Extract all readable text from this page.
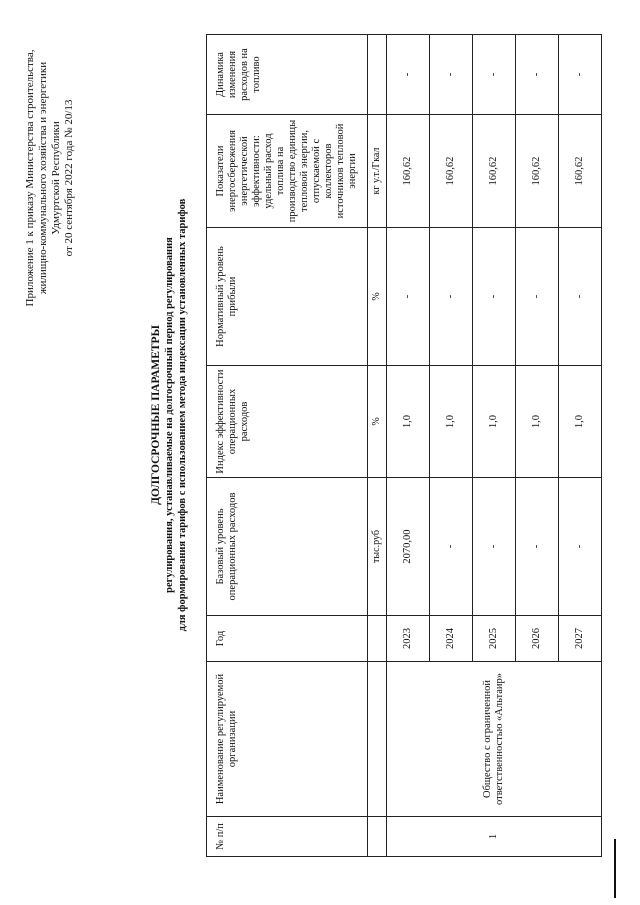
Приложение 1 к приказу Министерства строительства, жилищно-коммунального хозяйства и энергетики Удмуртской Республики от 20 сентября 2022 года № 20/13
ДОЛГОСРОЧНЫЕ ПАРАМЕТРЫ регулирования, устанавливаемые на долгосрочный период регулирования для формирования тарифов с использованием метода индексации установленных тарифов
№ п/п	Наименование регулируемой организации	Год	Базовый уровень операционных расходов	Индекс эффективности операционных расходов	Нормативный уровень прибыли	Показатели энергосбережения энергетической эффективности: удельный расход топлива на производство единицы тепловой энергии, отпускаемой с коллекторов источников тепловой энергии	Динамика изменения расходов на топливо
			тыс.руб	%	%	кг у.т./Гкал	
1	Общество с ограниченной ответственностью «Альтаир»	2023	2070,00	1,0	-	160,62	-
		2024	-	1,0	-	160,62	-
		2025	-	1,0	-	160,62	-
		2026	-	1,0	-	160,62	-
		2027	-	1,0	-	160,62	-
